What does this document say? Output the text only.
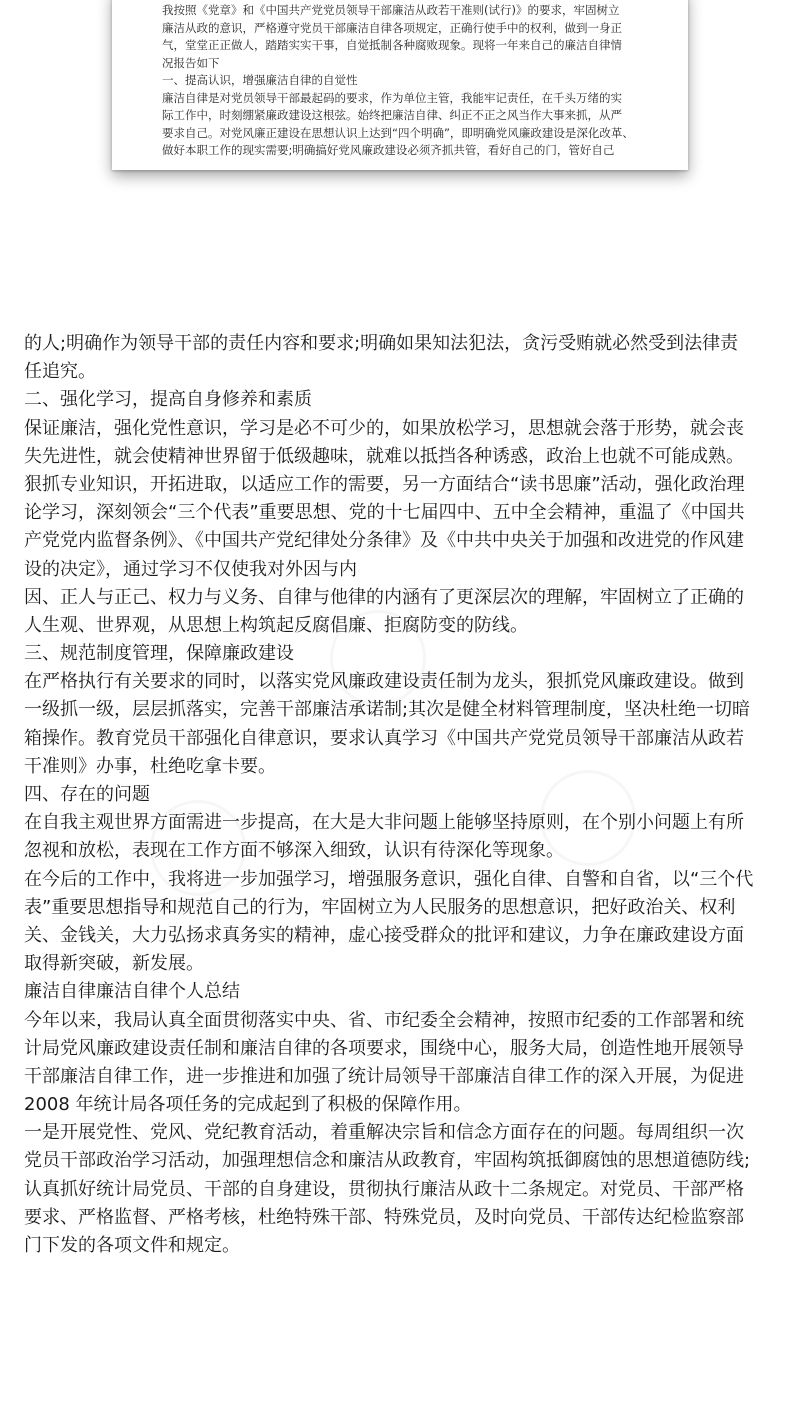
我按照《党章》和《中国共产党党员领导干部廉洁从政若干准则(试行)》的要求，牢固树立
廉洁从政的意识，严格遵守党员干部廉洁自律各项规定，正确行使手中的权利，做到一身正
气，堂堂正正做人，踏踏实实干事，自觉抵制各种腐败现象。现将一年来自己的廉洁自律情
况报告如下
一、提高认识，增强廉洁自律的自觉性
廉洁自律是对党员领导干部最起码的要求，作为单位主管，我能牢记责任，在千头万绪的实
际工作中，时刻绷紧廉政建设这根弦。始终把廉洁自律、纠正不正之风当作大事来抓，从严
要求自己。对党风廉正建设在思想认识上达到“四个明确”，即明确党风廉政建设是深化改革、
做好本职工作的现实需要;明确搞好党风廉政建设必须齐抓共管，看好自己的门，管好自己
的人;明确作为领导干部的责任内容和要求;明确如果知法犯法，贪污受贿就必然受到法律责
任追究。
二、强化学习，提高自身修养和素质
保证廉洁，强化党性意识，学习是必不可少的，如果放松学习，思想就会落于形势，就会丧
失先进性，就会使精神世界留于低级趣味，就难以抵挡各种诱惑，政治上也就不可能成熟。
狠抓专业知识，开拓进取，以适应工作的需要，另一方面结合“读书思廉”活动，强化政治理
论学习，深刻领会“三个代表”重要思想、党的十七届四中、五中全会精神，重温了《中国共
产党党内监督条例》、《中国共产党纪律处分条律》及《中共中央关于加强和改进党的作风建
设的决定》，通过学习不仅使我对外因与内
因、正人与正己、权力与义务、自律与他律的内涵有了更深层次的理解，牢固树立了正确的
人生观、世界观，从思想上构筑起反腐倡廉、拒腐防变的防线。
三、规范制度管理，保障廉政建设
在严格执行有关要求的同时，以落实党风廉政建设责任制为龙头，狠抓党风廉政建设。做到
一级抓一级，层层抓落实，完善干部廉洁承诺制;其次是健全材料管理制度，坚决杜绝一切暗
箱操作。教育党员干部强化自律意识，要求认真学习《中国共产党党员领导干部廉洁从政若
干准则》办事，杜绝吃拿卡要。
四、存在的问题
在自我主观世界方面需进一步提高，在大是大非问题上能够坚持原则，在个别小问题上有所
忽视和放松，表现在工作方面不够深入细致，认识有待深化等现象。
在今后的工作中，我将进一步加强学习，增强服务意识，强化自律、自警和自省，以“三个代
表”重要思想指导和规范自己的行为，牢固树立为人民服务的思想意识，把好政治关、权利
关、金钱关，大力弘扬求真务实的精神，虚心接受群众的批评和建议，力争在廉政建设方面
取得新突破，新发展。
廉洁自律廉洁自律个人总结
今年以来，我局认真全面贯彻落实中央、省、市纪委全会精神，按照市纪委的工作部署和统
计局党风廉政建设责任制和廉洁自律的各项要求，围绕中心，服务大局，创造性地开展领导
干部廉洁自律工作，进一步推进和加强了统计局领导干部廉洁自律工作的深入开展，为促进
2008 年统计局各项任务的完成起到了积极的保障作用。
一是开展党性、党风、党纪教育活动，着重解决宗旨和信念方面存在的问题。每周组织一次
党员干部政治学习活动，加强理想信念和廉洁从政教育，牢固构筑抵御腐蚀的思想道德防线;
认真抓好统计局党员、干部的自身建设，贯彻执行廉洁从政十二条规定。对党员、干部严格
要求、严格监督、严格考核，杜绝特殊干部、特殊党员，及时向党员、干部传达纪检监察部
门下发的各项文件和规定。
